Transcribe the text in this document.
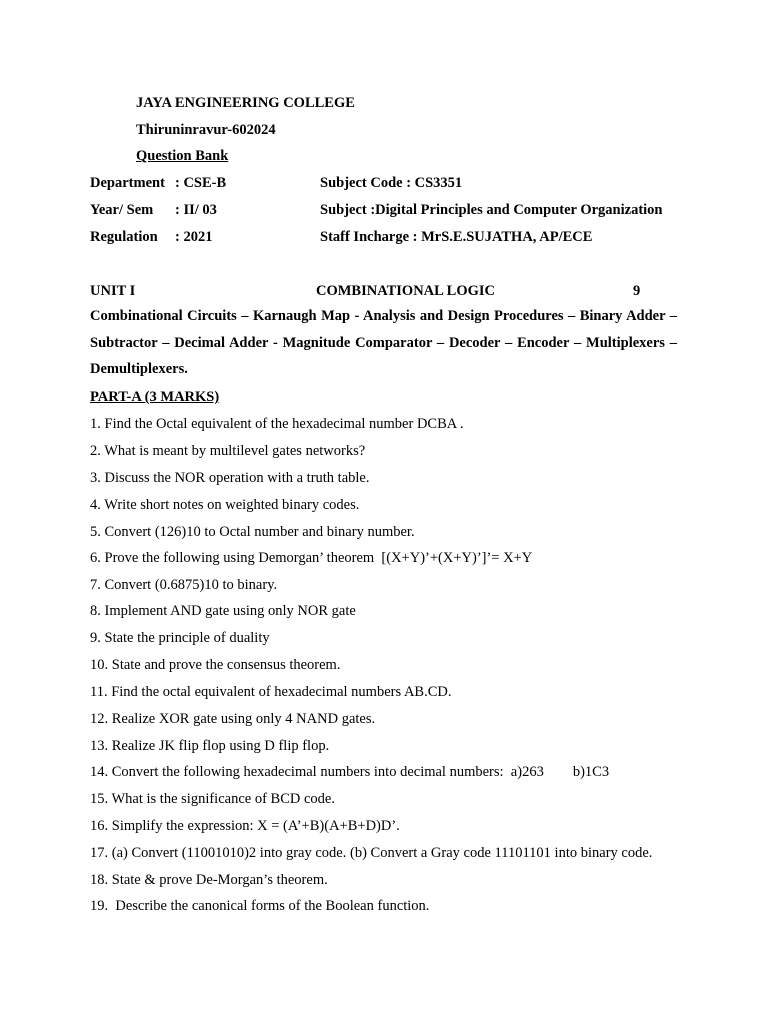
JAYA ENGINEERING COLLEGE
Thiruninravur-602024
Question Bank
Department : CSE-B	Subject Code : CS3351
Year/ Sem : II/ 03	Subject :Digital Principles and Computer Organization
Regulation : 2021	Staff Incharge : MrS.E.SUJATHA, AP/ECE
UNIT I	COMBINATIONAL LOGIC	9
Combinational Circuits – Karnaugh Map - Analysis and Design Procedures – Binary Adder – Subtractor – Decimal Adder - Magnitude Comparator – Decoder – Encoder – Multiplexers – Demultiplexers.
PART-A (3 MARKS)
1. Find the Octal equivalent of the hexadecimal number DCBA .
2. What is meant by multilevel gates networks?
3. Discuss the NOR operation with a truth table.
4. Write short notes on weighted binary codes.
5. Convert (126)10 to Octal number and binary number.
6. Prove the following using Demorgan’ theorem  [(X+Y)’+(X+Y)’]’= X+Y
7. Convert (0.6875)10 to binary.
8. Implement AND gate using only NOR gate
9. State the principle of duality
10. State and prove the consensus theorem.
11. Find the octal equivalent of hexadecimal numbers AB.CD.
12. Realize XOR gate using only 4 NAND gates.
13. Realize JK flip flop using D flip flop.
14. Convert the following hexadecimal numbers into decimal numbers:  a)263        b)1C3
15. What is the significance of BCD code.
16. Simplify the expression: X = (A’+B)(A+B+D)D’.
17. (a) Convert (11001010)2 into gray code. (b) Convert a Gray code 11101101 into binary code.
18. State & prove De-Morgan’s theorem.
19.  Describe the canonical forms of the Boolean function.
